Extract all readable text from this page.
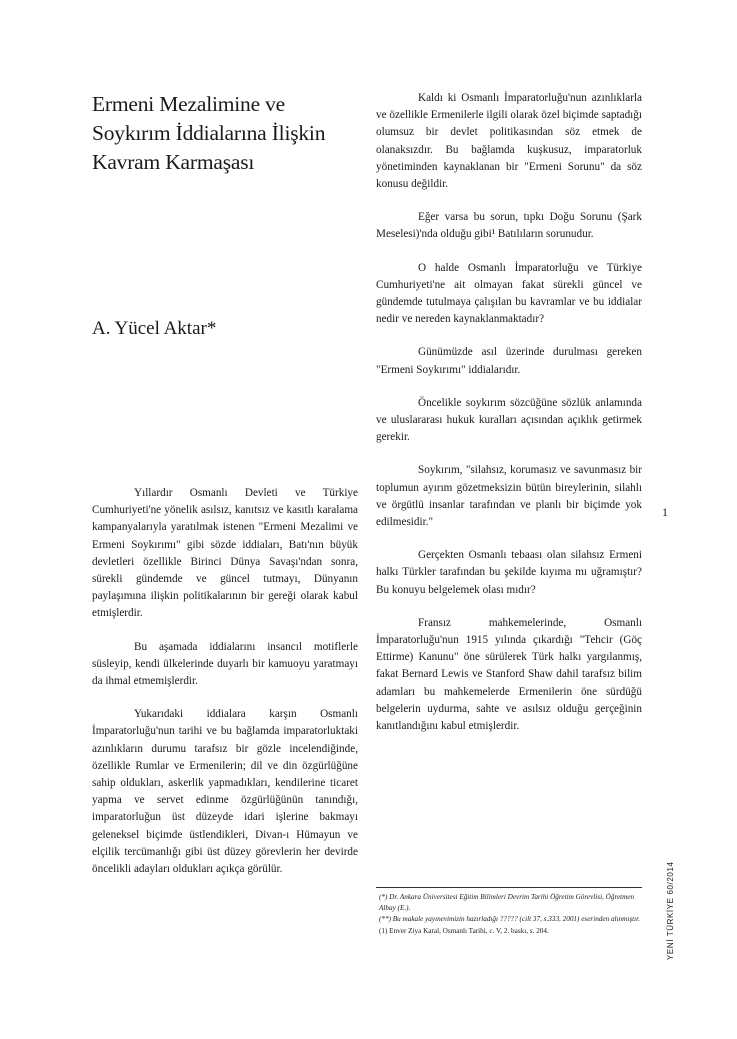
Ermeni Mezalimine ve Soykırım İddialarına İlişkin Kavram Karmaşası
A. Yücel Aktar*

Yıllardır Osmanlı Devleti ve Türkiye Cumhuriyeti'ne yönelik asılsız, kanıtsız ve kasıtlı karalama kampanyalarıyla yaratılmak istenen "Ermeni Mezalimi ve Ermeni Soykırımı" gibi sözde iddiaları, Batı'nın büyük devletleri özellikle Birinci Dünya Savaşı'ndan sonra, sürekli gündemde ve güncel tutmayı, Dünyanın paylaşımına ilişkin politikalarının bir gereği olarak kabul etmişlerdir.

Bu aşamada iddialarını insancıl motiflerle süsleyip, kendi ülkelerinde duyarlı bir kamuoyu yaratmayı da ihmal etmemişlerdir.

Yukarıdaki iddialara karşın Osmanlı İmparatorluğu'nun tarihi ve bu bağlamda imparatorluktaki azınlıkların durumu tarafsız bir gözle incelendiğinde, özellikle Rumlar ve Ermenilerin; dil ve din özgürlüğüne sahip oldukları, askerlik yapmadıkları, kendilerine ticaret yapma ve servet edinme özgürlüğünün tanındığı, imparatorluğun üst düzeyde idari işlerine bakmayı geleneksel biçimde üstlendikleri, Divan-ı Hümayun ve elçilik tercümanlığı gibi üst düzey görevlerin her devirde öncelikli adayları oldukları açıkça görülür.

Kaldı ki Osmanlı İmparatorluğu'nun azınlıklarla ve özellikle Ermenilerle ilgili olarak özel biçimde saptadığı olumsuz bir devlet politikasından söz etmek de olanaksızdır. Bu bağlamda kuşkusuz, imparatorluk yönetiminden kaynaklanan bir "Ermeni Sorunu" da söz konusu değildir.

Eğer varsa bu sorun, tıpkı Doğu Sorunu (Şark Meselesi)'nda olduğu gibi¹ Batılıların sorunudur.

O halde Osmanlı İmparatorluğu ve Türkiye Cumhuriyeti'ne ait olmayan fakat sürekli güncel ve gündemde tutulmaya çalışılan bu kavramlar ve bu iddialar nedir ve nereden kaynaklanmaktadır?

Günümüzde asıl üzerinde durulması gereken "Ermeni Soykırımı" iddialarıdır.

Öncelikle soykırım sözcüğüne sözlük anlamında ve uluslararası hukuk kuralları açısından açıklık getirmek gerekir.

Soykırım, "silahsız, korumasız ve savunmasız bir toplumun ayırım gözetmeksizin bütün bireylerinin, silahlı ve örgütlü insanlar tarafından ve planlı bir biçimde yok edilmesidir."

Gerçekten Osmanlı tebaası olan silahsız Ermeni halkı Türkler tarafından bu şekilde kıyıma mı uğramıştır? Bu konuyu belgelemek olası mıdır?

Fransız mahkemelerinde, Osmanlı İmparatorluğu'nun 1915 yılında çıkardığı "Tehcir (Göç Ettirme) Kanunu" öne sürülerek Türk halkı yargılanmış, fakat Bernard Lewis ve Stanford Shaw dahil tarafsız bilim adamları bu mahkemelerde Ermenilerin öne sürdüğü belgelerin uydurma, sahte ve asılsız olduğu gerçeğinin kanıtlandığını kabul etmişlerdir.

(*) Dr. Ankara Üniversitesi Eğitim Bilimleri Devrim Tarihi Öğretim Görevlisi, Öğretmen Albay (E.).
(**) Bu makale yayınevimizin hazırladığı ????? (cilt 37, s.333, 2001) eserinden alınmıştır.
(1) Enver Ziya Karal, Osmanlı Tarihi, c. V, 2. baskı, s. 204.
1
YENİ TÜRKİYE 60/2014
